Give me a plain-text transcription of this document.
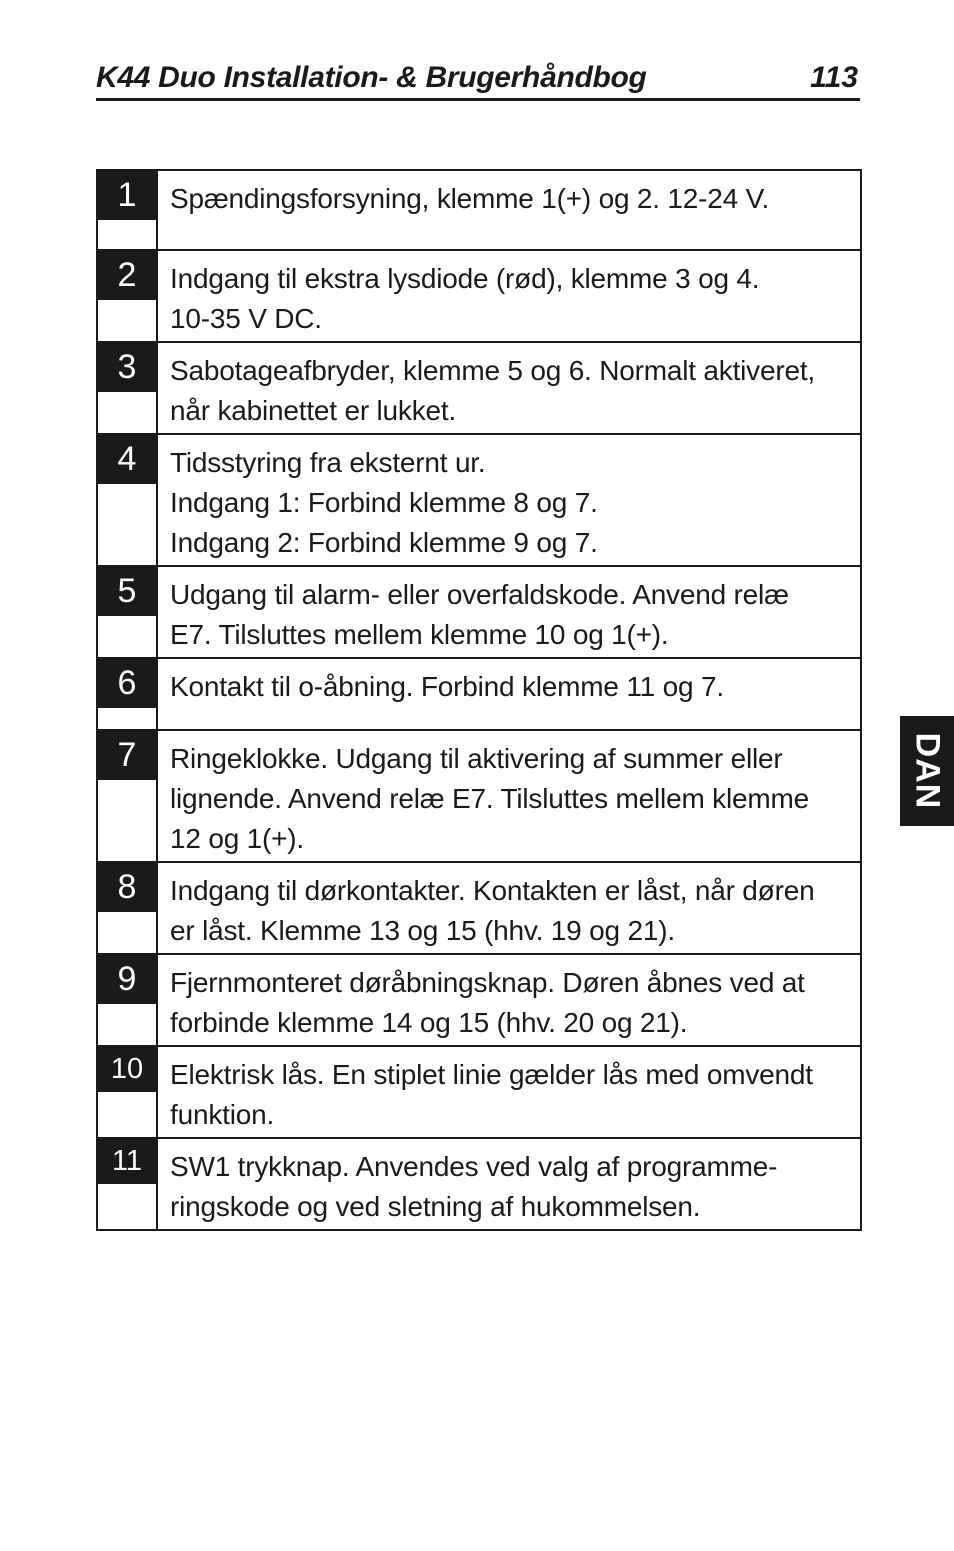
K44 Duo Installation- & Brugerhåndbog	113
1	Spændingsforsyning, klemme 1(+) og 2. 12-24 V.
2	Indgang til ekstra lysdiode (rød), klemme 3 og 4.
10-35 V DC.
3	Sabotageafbryder, klemme 5 og 6. Normalt aktiveret,
når kabinettet er lukket.
4	Tidsstyring fra eksternt ur.
Indgang 1: Forbind klemme 8 og 7.
Indgang 2: Forbind klemme 9 og 7.
5	Udgang til alarm- eller overfaldskode. Anvend relæ
E7. Tilsluttes mellem klemme 10 og 1(+).
6	Kontakt til o-åbning. Forbind klemme 11 og 7.
7	Ringeklokke. Udgang til aktivering af summer eller
lignende. Anvend relæ E7. Tilsluttes mellem klemme
12 og 1(+).
8	Indgang til dørkontakter. Kontakten er låst, når døren
er låst. Klemme 13 og 15 (hhv. 19 og 21).
9	Fjernmonteret døråbningsknap. Døren åbnes ved at
forbinde klemme 14 og 15 (hhv. 20 og 21).
10 Elektrisk lås. En stiplet linie gælder lås med omvendt
funktion.
11 SW1 trykknap. Anvendes ved valg af programme-
ringskode og ved sletning af hukommelsen.
DAN
